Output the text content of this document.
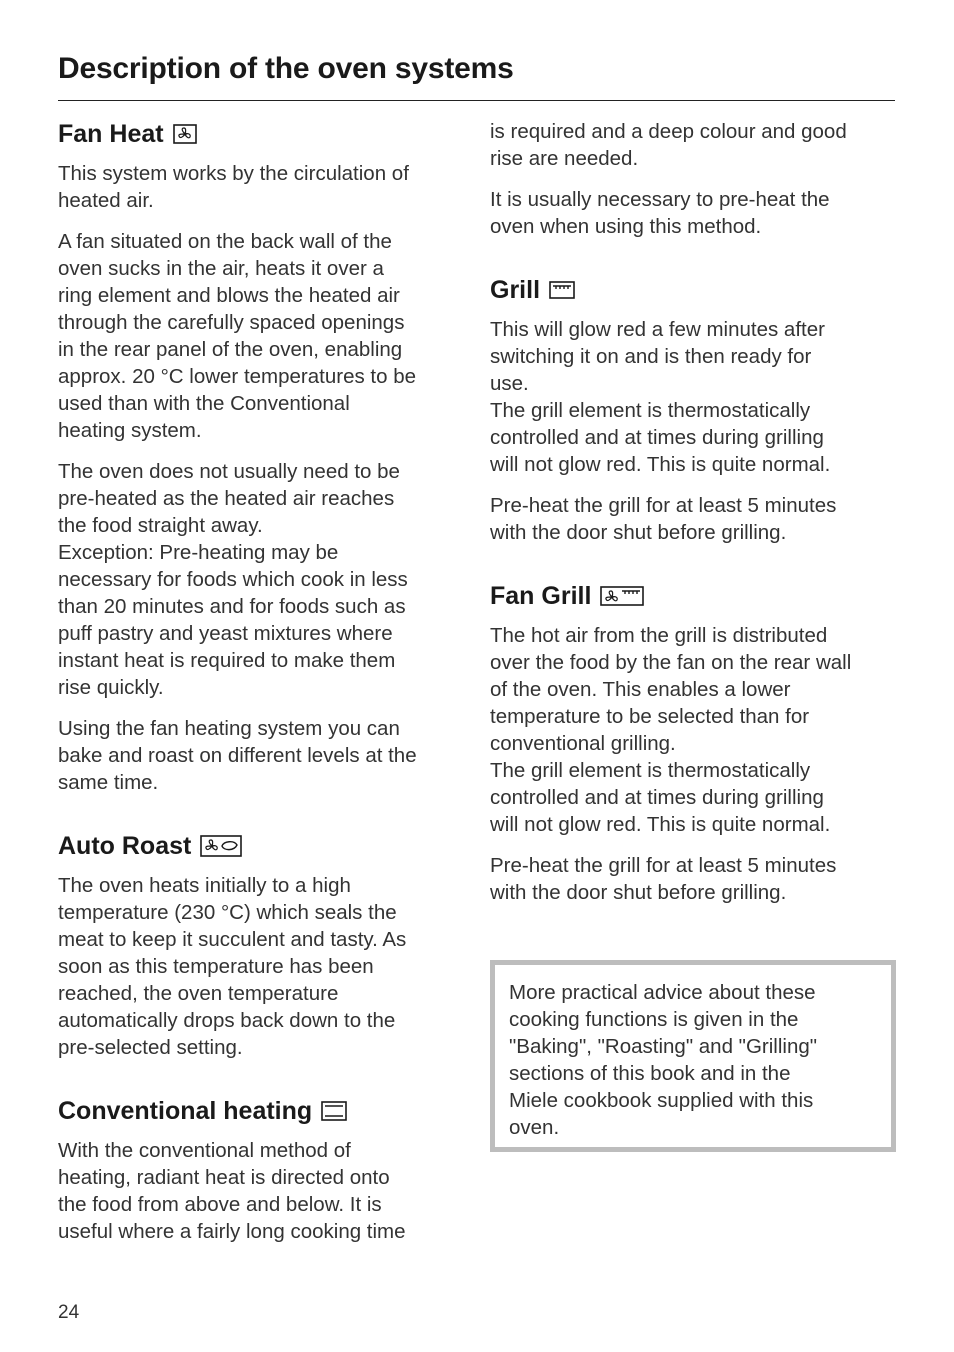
Description of the oven systems
Fan Heat

This system works by the circulation of
heated air.

A fan situated on the back wall of the
oven sucks in the air, heats it over a
ring element and blows the heated air
through the carefully spaced openings
in the rear panel of the oven, enabling
approx. 20 °C lower temperatures to be
used than with the Conventional
heating system.

The oven does not usually need to be
pre-heated as the heated air reaches
the food straight away.
Exception: Pre-heating may be
necessary for foods which cook in less
than 20 minutes and for foods such as
puff pastry and yeast mixtures where
instant heat is required to make them
rise quickly.

Using the fan heating system you can
bake and roast on different levels at the
same time.

Auto Roast

The oven heats initially to a high
temperature (230 °C) which seals the
meat to keep it succulent and tasty. As
soon as this temperature has been
reached, the oven temperature
automatically drops back down to the
pre-selected setting.

Conventional heating

With the conventional method of
heating, radiant heat is directed onto
the food from above and below. It is
useful where a fairly long cooking time

is required and a deep colour and good
rise are needed.

It is usually necessary to pre-heat the
oven when using this method.

Grill

This will glow red a few minutes after
switching it on and is then ready for
use.
The grill element is thermostatically
controlled and at times during grilling
will not glow red. This is quite normal.

Pre-heat the grill for at least 5 minutes
with the door shut before grilling.

Fan Grill

The hot air from the grill is distributed
over the food by the fan on the rear wall
of the oven. This enables a lower
temperature to be selected than for
conventional grilling.
The grill element is thermostatically
controlled and at times during grilling
will not glow red. This is quite normal.

Pre-heat the grill for at least 5 minutes
with the door shut before grilling.

More practical advice about these
cooking functions is given in the
"Baking", "Roasting" and "Grilling"
sections of this book and in the
Miele cookbook supplied with this
oven.

24
